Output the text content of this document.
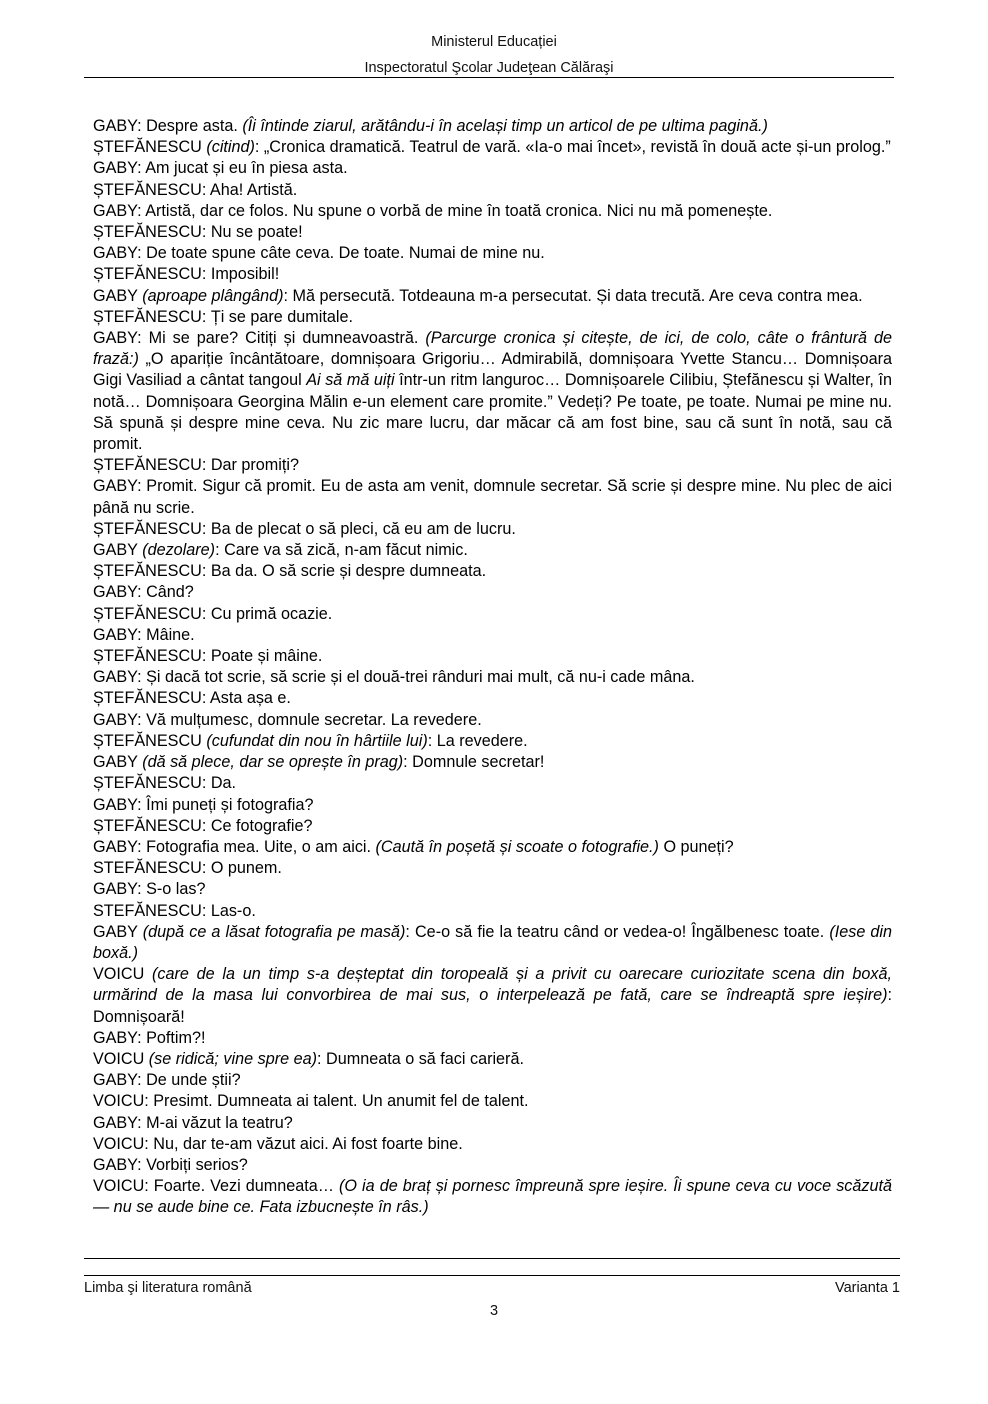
Ministerul Educației
Inspectoratul Şcolar Judeţean Călăraşi

GABY: Despre asta. (Îi întinde ziarul, arătându-i în același timp un articol de pe ultima pagină.)

ȘTEFĂNESCU (citind): „Cronica dramatică. Teatrul de vară. «Ia-o mai încet», revistă în două acte și-un prolog.”

GABY: Am jucat și eu în piesa asta.

ȘTEFĂNESCU: Aha! Artistă.

GABY: Artistă, dar ce folos. Nu spune o vorbă de mine în toată cronica. Nici nu mă pomenește.

ȘTEFĂNESCU: Nu se poate!

GABY: De toate spune câte ceva. De toate. Numai de mine nu.

ȘTEFĂNESCU: Imposibil!

GABY (aproape plângând): Mă persecută. Totdeauna m-a persecutat. Și data trecută. Are ceva contra mea.

ȘTEFĂNESCU: Ți se pare dumitale.

GABY: Mi se pare? Citiți și dumneavoastră. (Parcurge cronica și citește, de ici, de colo, câte o frântură de frază:) „O apariție încântătoare, domnișoara Grigoriu… Admirabilă, domnișoara Yvette Stancu… Domnișoara Gigi Vasiliad a cântat tangoul Ai să mă uiți într-un ritm langurос… Domnișoarele Cilibiu, Ștefănescu și Walter, în notă… Domnișoara Georgina Mălin e-un element care promite.” Vedeți? Pe toate, pe toate. Numai pe mine nu. Să spună și despre mine ceva. Nu zic mare lucru, dar măcar că am fost bine, sau că sunt în notă, sau că promit.

ȘTEFĂNESCU: Dar promiți?

GABY: Promit. Sigur că promit. Eu de asta am venit, domnule secretar. Să scrie și despre mine. Nu plec de aici până nu scrie.

ȘTEFĂNESCU: Ba de plecat o să pleci, că eu am de lucru.

GABY (dezolare): Care va să zică, n-am făcut nimic.

ȘTEFĂNESCU: Ba da. O să scrie și despre dumneata.

GABY: Când?

ȘTEFĂNESCU: Cu primă ocazie.

GABY: Mâine.

ȘTEFĂNESCU: Poate și mâine.

GABY: Și dacă tot scrie, să scrie și el două-trei rânduri mai mult, că nu-i cade mâna.

ȘTEFĂNESCU: Asta așa e.

GABY: Vă mulțumesc, domnule secretar. La revedere.

ȘTEFĂNESCU (cufundat din nou în hârtiile lui): La revedere.

GABY (dă să plece, dar se oprește în prag): Domnule secretar!

ȘTEFĂNESCU: Da.

GABY: Îmi puneți și fotografia?

ȘTEFĂNESCU: Ce fotografie?

GABY: Fotografia mea. Uite, o am aici. (Caută în poșetă și scoate o fotografie.) O puneți?

STEFĂNESCU: O punem.

GABY: S-o las?

STEFĂNESCU: Las-o.

GABY (după ce a lăsat fotografia pe masă): Ce-o să fie la teatru când or vedea-o! Îngălbenesc toate. (Iese din boxă.)

VOICU (care de la un timp s-a deșteptat din toropeală și a privit cu oarecare curiozitate scena din boxă, urmărind de la masa lui convorbirea de mai sus, o interpelează pe fată, care se îndreaptă spre ieșire): Domnișoară!

GABY: Poftim?!

VOICU (se ridică; vine spre ea): Dumneata o să faci carieră.

GABY: De unde știi?

VOICU: Presimt. Dumneata ai talent. Un anumit fel de talent.

GABY: M-ai văzut la teatru?

VOICU: Nu, dar te-am văzut aici. Ai fost foarte bine.

GABY: Vorbiți serios?

VOICU: Foarte. Vezi dumneata… (O ia de braț și pornesc împreună spre ieșire. Îi spune ceva cu voce scăzută — nu se aude bine ce. Fata izbucnește în râs.)

Limba şi literatura română	Varianta 1
3
